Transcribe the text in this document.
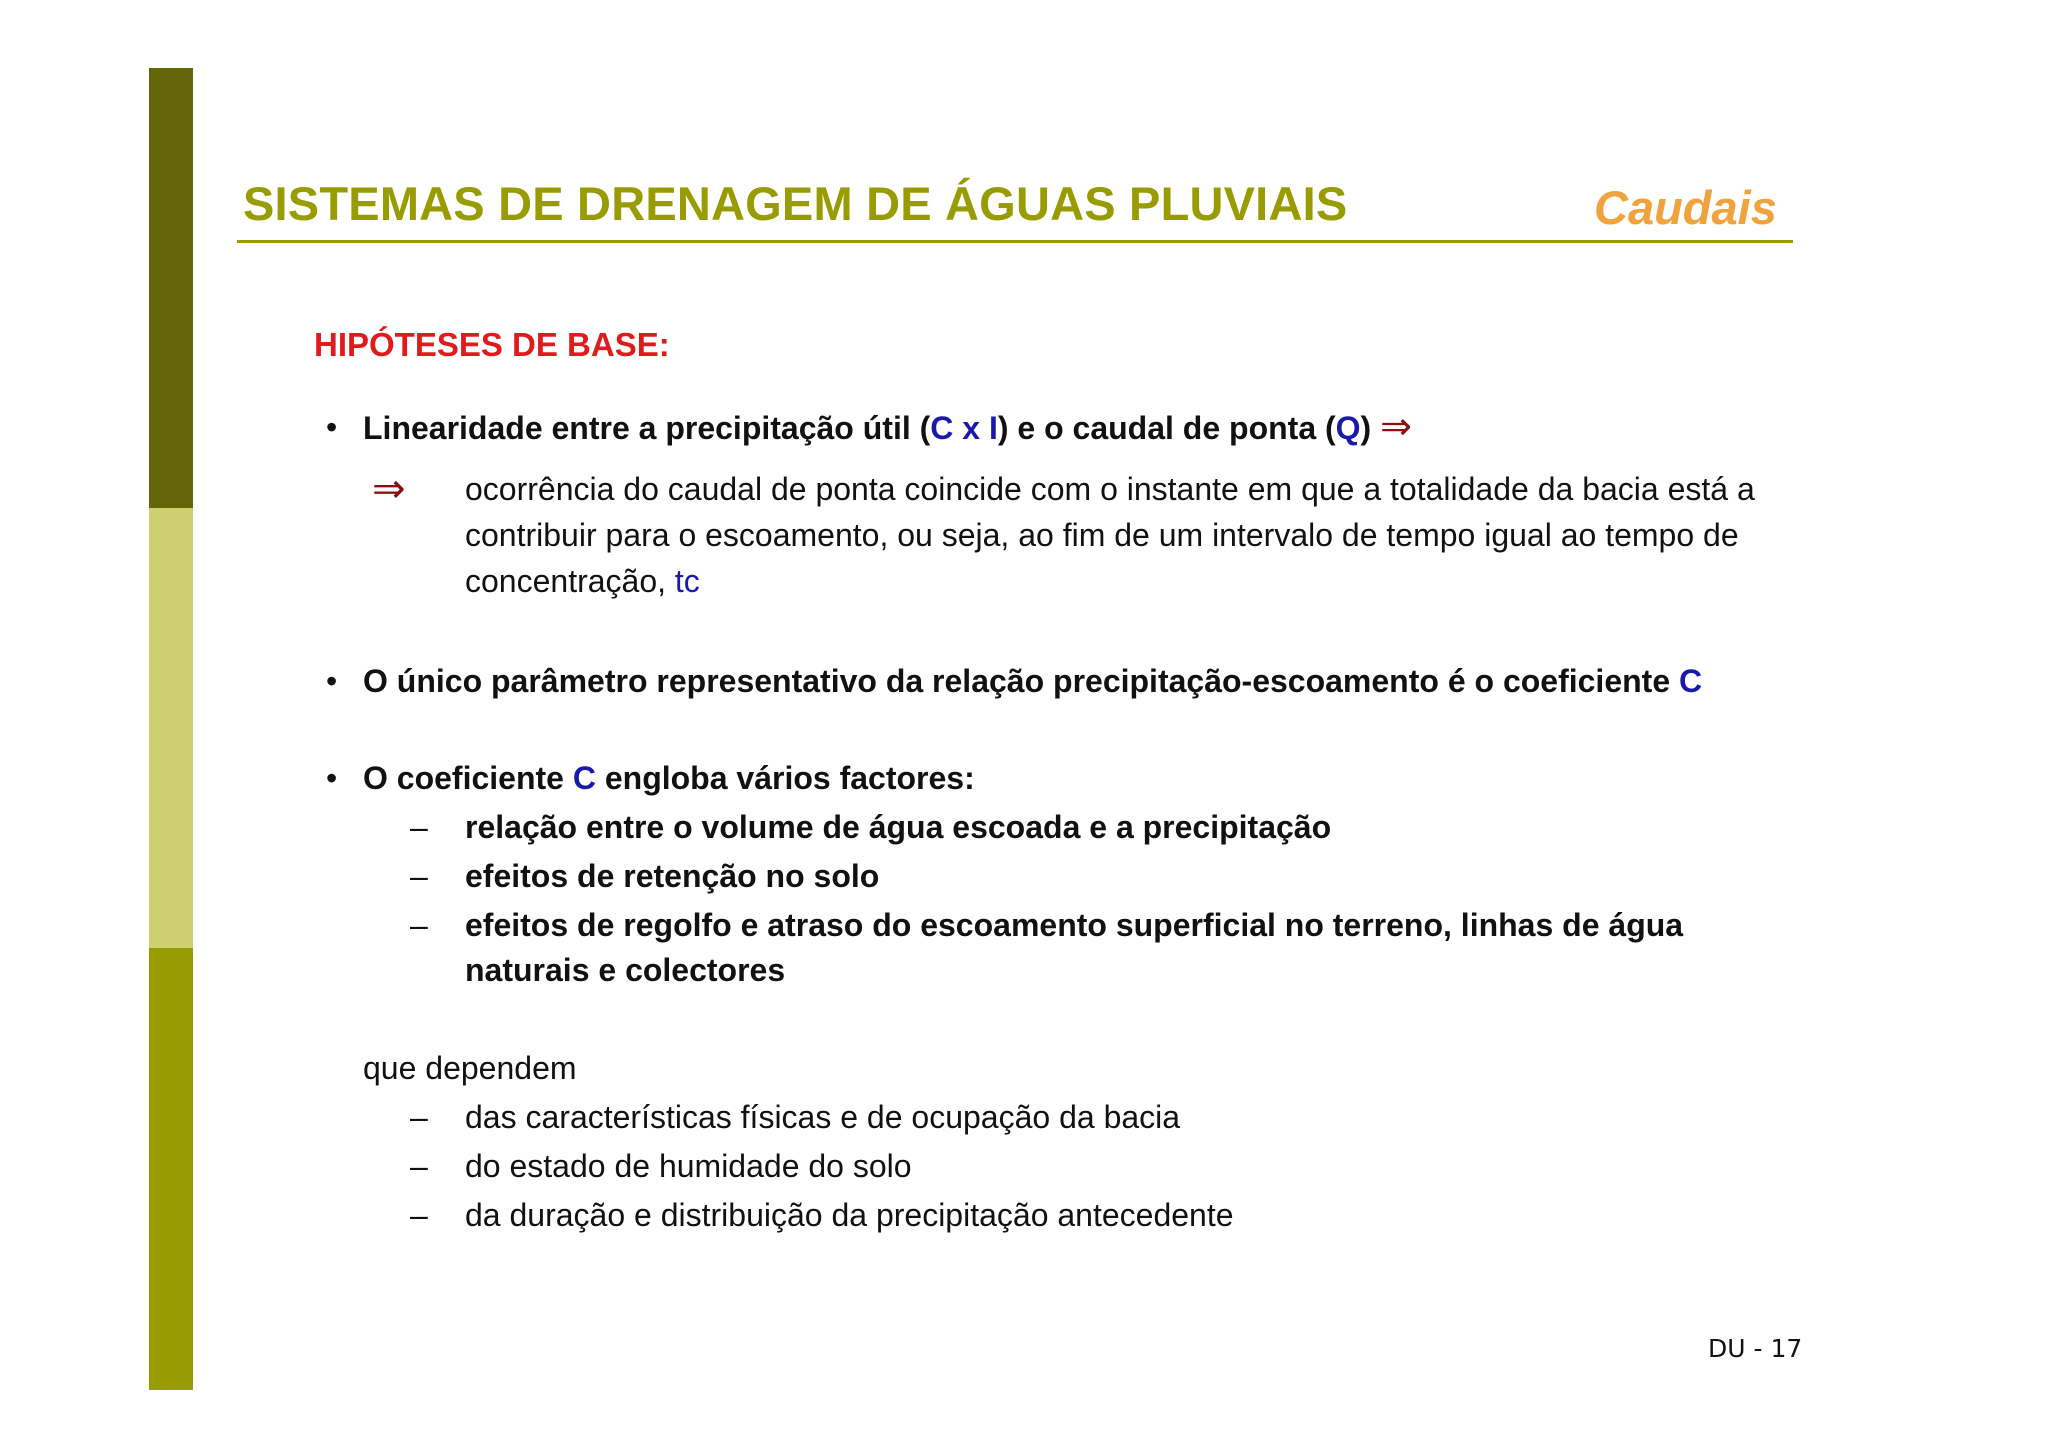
SISTEMAS DE DRENAGEM DE ÁGUAS PLUVIAIS	Caudais
HIPÓTESES DE BASE:
• Linearidade entre a precipitação útil (C x I) e o caudal de ponta (Q) ⇒
⇒ ocorrência do caudal de ponta coincide com o instante em que a totalidade da bacia está a
contribuir para o escoamento, ou seja, ao fim de um intervalo de tempo igual ao tempo de
concentração, tc
• O único parâmetro representativo da relação precipitação-escoamento é o coeficiente C
• O coeficiente C engloba vários factores:
– relação entre o volume de água escoada e a precipitação
– efeitos de retenção no solo
– efeitos de regolfo e atraso do escoamento superficial no terreno, linhas de água
naturais e colectores
que dependem
– das características físicas e de ocupação da bacia
– do estado de humidade do solo
– da duração e distribuição da precipitação antecedente
DU - 17
